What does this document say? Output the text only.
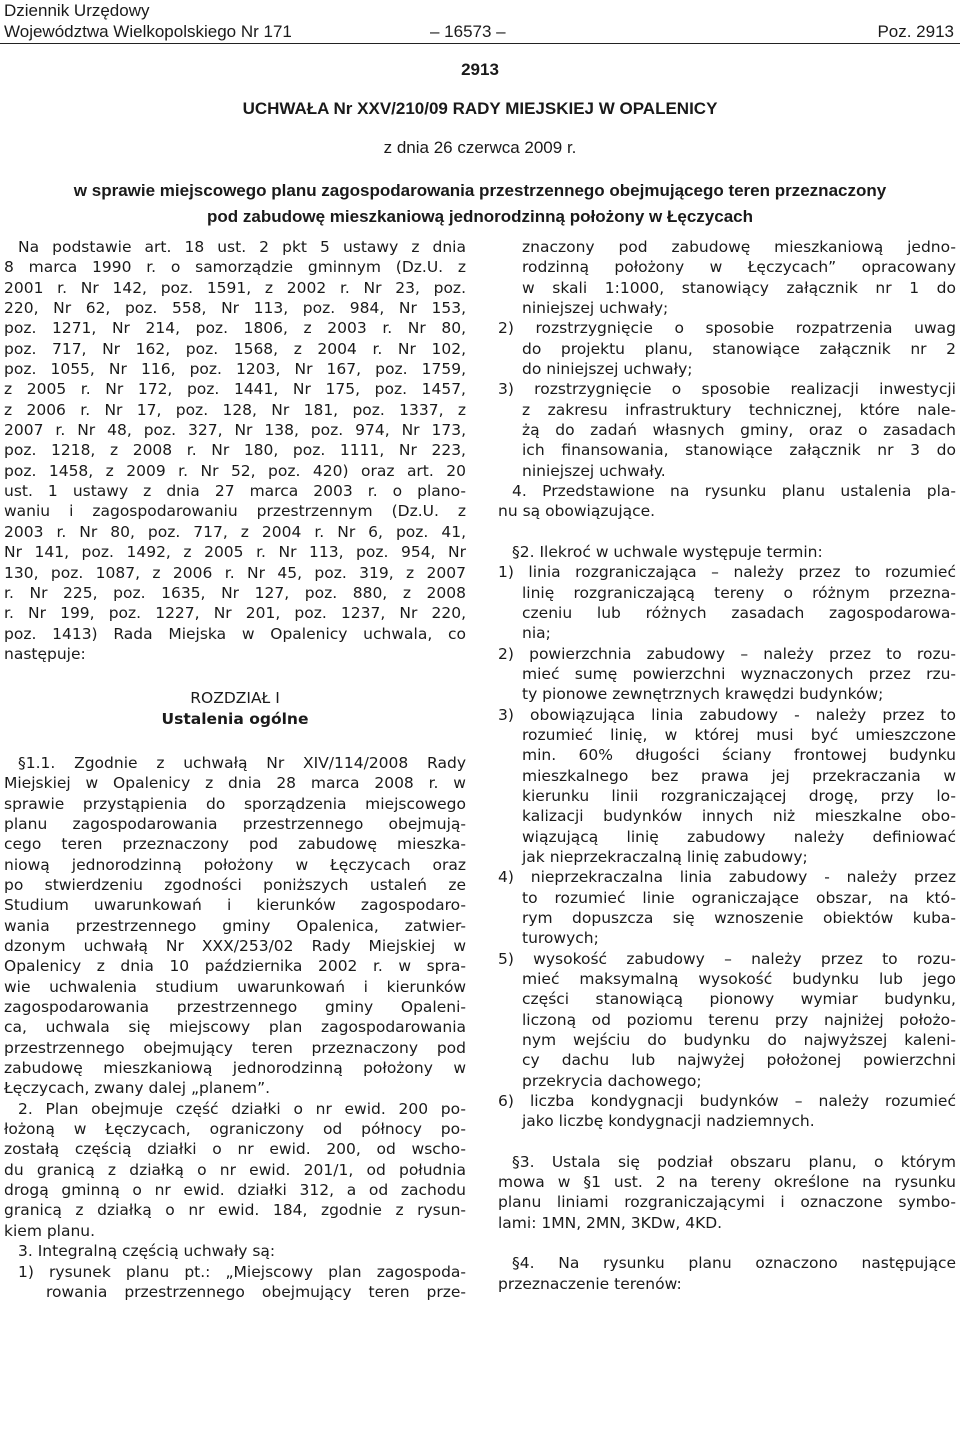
Dziennik Urzędowy
Województwa Wielkopolskiego Nr 171	– 16573 –	Poz. 2913
2913
UCHWAŁA Nr XXV/210/09 RADY MIEJSKIEJ W OPALENICY
z dnia 26 czerwca 2009 r.
w sprawie miejscowego planu zagospodarowania przestrzennego obejmującego teren przeznaczony
pod zabudowę mieszkaniową jednorodzinną położony w Łęczycach
Na podstawie art. 18 ust. 2 pkt 5 ustawy z dnia
8 marca 1990 r. o samorządzie gminnym (Dz.U. z
2001 r. Nr 142, poz. 1591, z 2002 r. Nr 23, poz.
220, Nr 62, poz. 558, Nr 113, poz. 984, Nr 153,
poz. 1271, Nr 214, poz. 1806, z 2003 r. Nr 80,
poz. 717, Nr 162, poz. 1568, z 2004 r. Nr 102,
poz. 1055, Nr 116, poz. 1203, Nr 167, poz. 1759,
z 2005 r. Nr 172, poz. 1441, Nr 175, poz. 1457,
z 2006 r. Nr 17, poz. 128, Nr 181, poz. 1337, z
2007 r. Nr 48, poz. 327, Nr 138, poz. 974, Nr 173,
poz. 1218, z 2008 r. Nr 180, poz. 1111, Nr 223,
poz. 1458, z 2009 r. Nr 52, poz. 420) oraz art. 20
ust. 1 ustawy z dnia 27 marca 2003 r. o plano-
waniu i zagospodarowaniu przestrzennym (Dz.U. z
2003 r. Nr 80, poz. 717, z 2004 r. Nr 6, poz. 41,
Nr 141, poz. 1492, z 2005 r. Nr 113, poz. 954, Nr
130, poz. 1087, z 2006 r. Nr 45, poz. 319, z 2007
r. Nr 225, poz. 1635, Nr 127, poz. 880, z 2008
r. Nr 199, poz. 1227, Nr 201, poz. 1237, Nr 220,
poz. 1413) Rada Miejska w Opalenicy uchwala, co
następuje:
ROZDZIAŁ I
Ustalenia ogólne
§1.1. Zgodnie z uchwałą Nr XIV/114/2008 Rady
Miejskiej w Opalenicy z dnia 28 marca 2008 r. w
sprawie przystąpienia do sporządzenia miejscowego
planu zagospodarowania przestrzennego obejmują-
cego teren przeznaczony pod zabudowę mieszka-
niową jednorodzinną położony w Łęczycach oraz
po stwierdzeniu zgodności poniższych ustaleń ze
Studium uwarunkowań i kierunków zagospodaro-
wania przestrzennego gminy Opalenica, zatwier-
dzonym uchwałą Nr XXX/253/02 Rady Miejskiej w
Opalenicy z dnia 10 października 2002 r. w spra-
wie uchwalenia studium uwarunkowań i kierunków
zagospodarowania przestrzennego gminy Opaleni-
ca, uchwala się miejscowy plan zagospodarowania
przestrzennego obejmujący teren przeznaczony pod
zabudowę mieszkaniową jednorodzinną położony w
Łęczycach, zwany dalej „planem”.
2. Plan obejmuje część działki o nr ewid. 200 po-
łożoną w Łęczycach, ograniczony od północy po-
zostałą częścią działki o nr ewid. 200, od wscho-
du granicą z działką o nr ewid. 201/1, od południa
drogą gminną o nr ewid. działki 312, a od zachodu
granicą z działką o nr ewid. 184, zgodnie z rysun-
kiem planu.
3. Integralną częścią uchwały są:
1) rysunek planu pt.: „Miejscowy plan zagospoda-
rowania przestrzennego obejmujący teren prze-
znaczony pod zabudowę mieszkaniową jedno-
rodzinną położony w Łęczycach” opracowany
w skali 1:1000, stanowiący załącznik nr 1 do
niniejszej uchwały;
2) rozstrzygnięcie o sposobie rozpatrzenia uwag
do projektu planu, stanowiące załącznik nr 2
do niniejszej uchwały;
3) rozstrzygnięcie o sposobie realizacji inwestycji
z zakresu infrastruktury technicznej, które nale-
żą do zadań własnych gminy, oraz o zasadach
ich finansowania, stanowiące załącznik nr 3 do
niniejszej uchwały.
4. Przedstawione na rysunku planu ustalenia pla-
nu są obowiązujące.
§2. Ilekroć w uchwale występuje termin:
1) linia rozgraniczająca – należy przez to rozumieć
linię rozgraniczającą tereny o różnym przezna-
czeniu lub różnych zasadach zagospodarowa-
nia;
2) powierzchnia zabudowy – należy przez to rozu-
mieć sumę powierzchni wyznaczonych przez rzu-
ty pionowe zewnętrznych krawędzi budynków;
3) obowiązująca linia zabudowy - należy przez to
rozumieć linię, w której musi być umieszczone
min. 60% długości ściany frontowej budynku
mieszkalnego bez prawa jej przekraczania w
kierunku linii rozgraniczającej drogę, przy lo-
kalizacji budynków innych niż mieszkalne obo-
wiązującą linię zabudowy należy definiować
jak nieprzekraczalną linię zabudowy;
4) nieprzekraczalna linia zabudowy - należy przez
to rozumieć linie ograniczające obszar, na któ-
rym dopuszcza się wznoszenie obiektów kuba-
turowych;
5) wysokość zabudowy – należy przez to rozu-
mieć maksymalną wysokość budynku lub jego
części stanowiącą pionowy wymiar budynku,
liczoną od poziomu terenu przy najniżej położo-
nym wejściu do budynku do najwyższej kaleni-
cy dachu lub najwyżej położonej powierzchni
przekrycia dachowego;
6) liczba kondygnacji budynków – należy rozumieć
jako liczbę kondygnacji nadziemnych.
§3. Ustala się podział obszaru planu, o którym
mowa w §1 ust. 2 na tereny określone na rysunku
planu liniami rozgraniczającymi i oznaczone symbo-
lami: 1MN, 2MN, 3KDw, 4KD.
§4. Na rysunku planu oznaczono następujące
przeznaczenie terenów:
